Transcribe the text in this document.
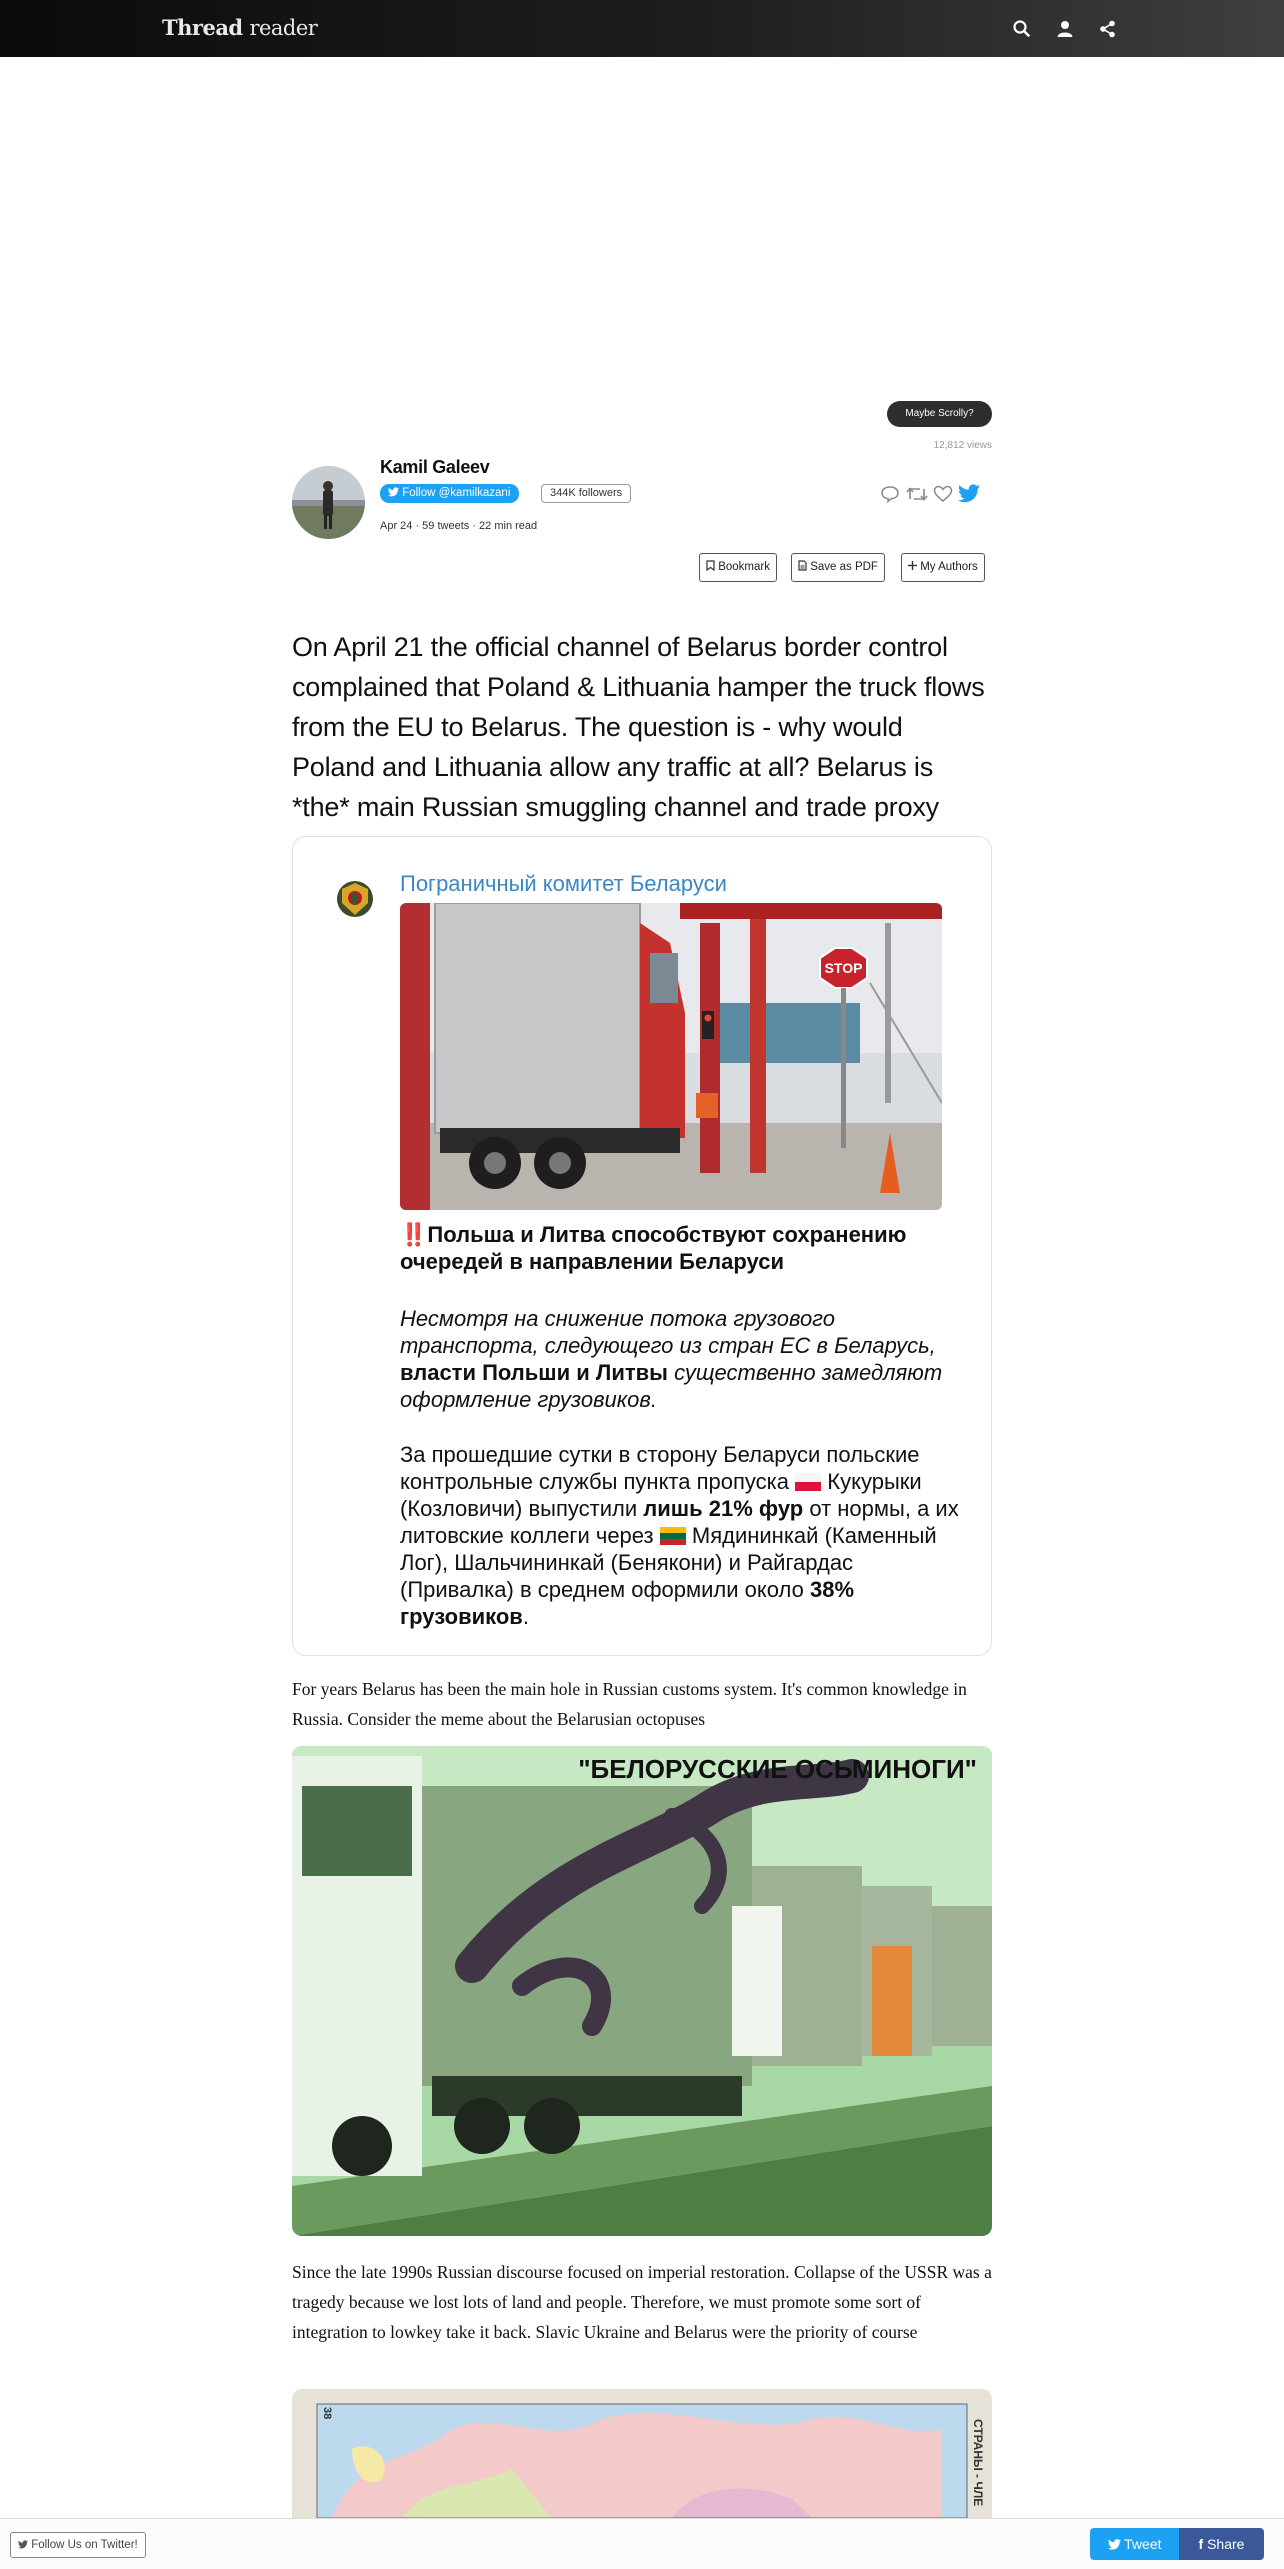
Thread reader
Maybe Scrolly?
12,812 views
Kamil Galeev
Follow @kamilkazani	344K followers
Apr 24 · 59 tweets · 22 min read
Bookmark	Save as PDF	My Authors
On April 21 the official channel of Belarus border control complained that Poland & Lithuania hamper the truck flows from the EU to Belarus. The question is - why would Poland and Lithuania allow any traffic at all? Belarus is *the* main Russian smuggling channel and trade proxy
Пограничный комитет Беларуси
STOP
‼️Польша и Литва способствуют сохранению очередей в направлении Беларуси
Несмотря на снижение потока грузового транспорта, следующего из стран ЕС в Беларусь, власти Польши и Литвы существенно замедляют оформление грузовиков.
За прошедшие сутки в сторону Беларуси польские контрольные службы пункта пропуска Кукурыки (Козловичи) выпустили лишь 21% фур от нормы, а их литовские коллеги через Мядининкай (Каменный Лог), Шальчининкай (Бенякони) и Райгардас (Привалка) в среднем оформили около 38% грузовиков.
For years Belarus has been the main hole in Russian customs system. It's common knowledge in Russia. Consider the meme about the Belarusian octopuses
"БЕЛОРУССКИЕ ОСЬМИНОГИ"
Since the late 1990s Russian discourse focused on imperial restoration. Collapse of the USSR was a tragedy because we lost lots of land and people. Therefore, we must promote some sort of integration to lowkey take it back. Slavic Ukraine and Belarus were the priority of course
38
СТРАНЫ - ЧЛЕ
Follow Us on Twitter!	Tweet	f Share
